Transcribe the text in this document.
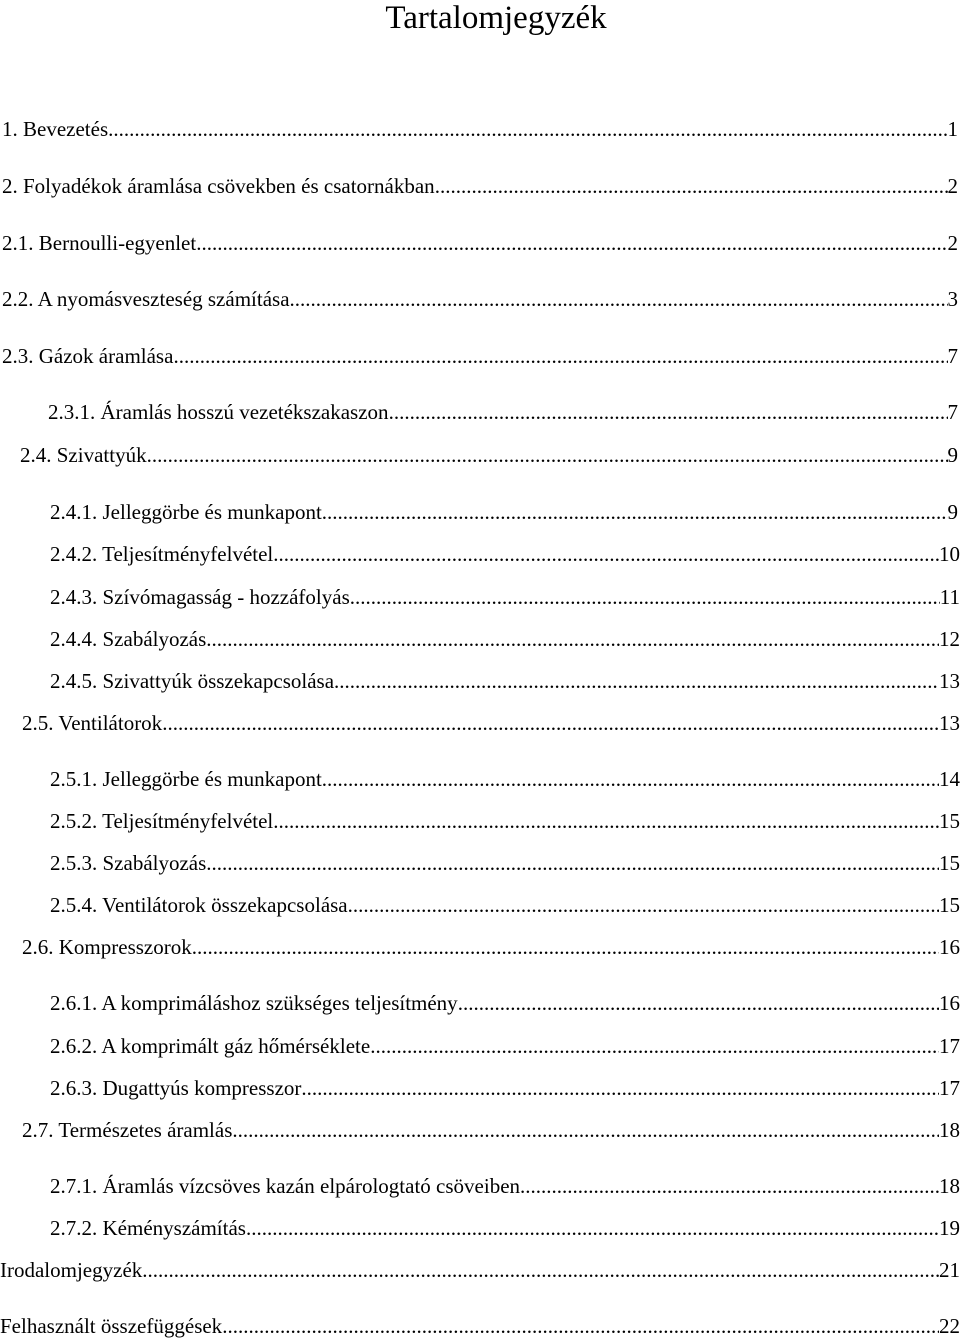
Tartalomjegyzék
1. Bevezetés .....	1
2. Folyadékok áramlása csövekben és csatornákban .....	2
2.1. Bernoulli-egyenlet .....	2
2.2. A nyomásveszteség számítása .....	3
2.3. Gázok áramlása .....	7
2.3.1. Áramlás hosszú vezetékszakaszon .....	7
2.4. Szivattyúk .....	9
2.4.1. Jelleggörbe és munkapont .....	9
2.4.2. Teljesítményfelvétel .....	10
2.4.3. Szívómagasság - hozzáfolyás .....	11
2.4.4. Szabályozás .....	12
2.4.5. Szivattyúk összekapcsolása .....	13
2.5. Ventilátorok .....	13
2.5.1. Jelleggörbe és munkapont .....	14
2.5.2. Teljesítményfelvétel .....	15
2.5.3. Szabályozás .....	15
2.5.4. Ventilátorok összekapcsolása .....	15
2.6. Kompresszorok .....	16
2.6.1. A komprimáláshoz szükséges teljesítmény .....	16
2.6.2. A komprimált gáz hőmérséklete .....	17
2.6.3. Dugattyús kompresszor .....	17
2.7. Természetes áramlás .....	18
2.7.1. Áramlás vízcsöves kazán elpárologtató csöveiben .....	18
2.7.2. Kéményszámítás .....	19
Irodalomjegyzék .....	21
Felhasznált összefüggések .....	22
